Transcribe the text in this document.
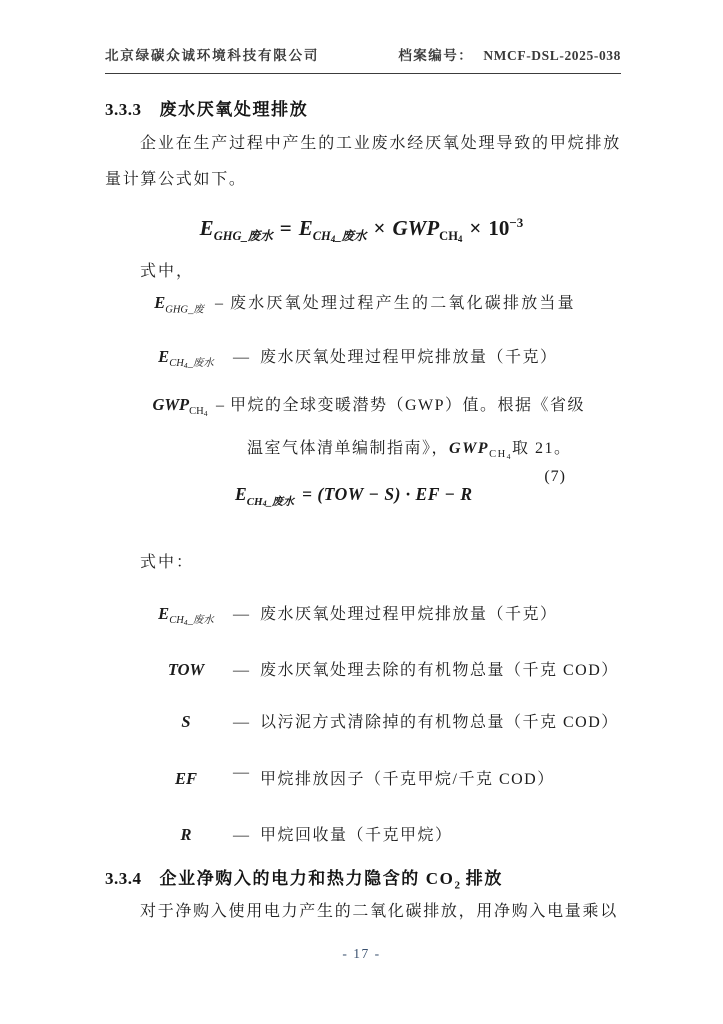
北京绿碳众诚环境科技有限公司	档案编号： NMCF-DSL-2025-038
3.3.3 废水厌氧处理排放

企业在生产过程中产生的工业废水经厌氧处理导致的甲烷排放量计算公式如下。

$E_{GHG\_废水} = E_{CH4\_废水} \times GWP_{CH4} \times 10^{-3}$

式中，

$E_{GHG\_废}$ – 废水厌氧处理过程产生的二氧化碳排放当量
$E_{CH4\_废水}$	— 废水厌氧处理过程甲烷排放量（千克）
$GWP_{CH4}$ – 甲烷的全球变暖潜势（GWP）值。根据《省级
温室气体清单编制指南》，$GWP_{CH4}$取 21。
(7)
$E_{CH4\_废水} = (TOW - S)$ · EF − R

式中：

$E_{CH4\_废水}$	— 废水厌氧处理过程甲烷排放量（千克）
TOW	— 废水厌氧处理去除的有机物总量（千克 COD）
S	— 以污泥方式清除掉的有机物总量（千克 COD）
EF	— 甲烷排放因子（千克甲烷/千克 COD）
R	— 甲烷回收量（千克甲烷）
3.3.4 企业净购入的电力和热力隐含的 $CO_2$ 排放

对于净购入使用电力产生的二氧化碳排放，用净购入电量乘以

- 17 -
